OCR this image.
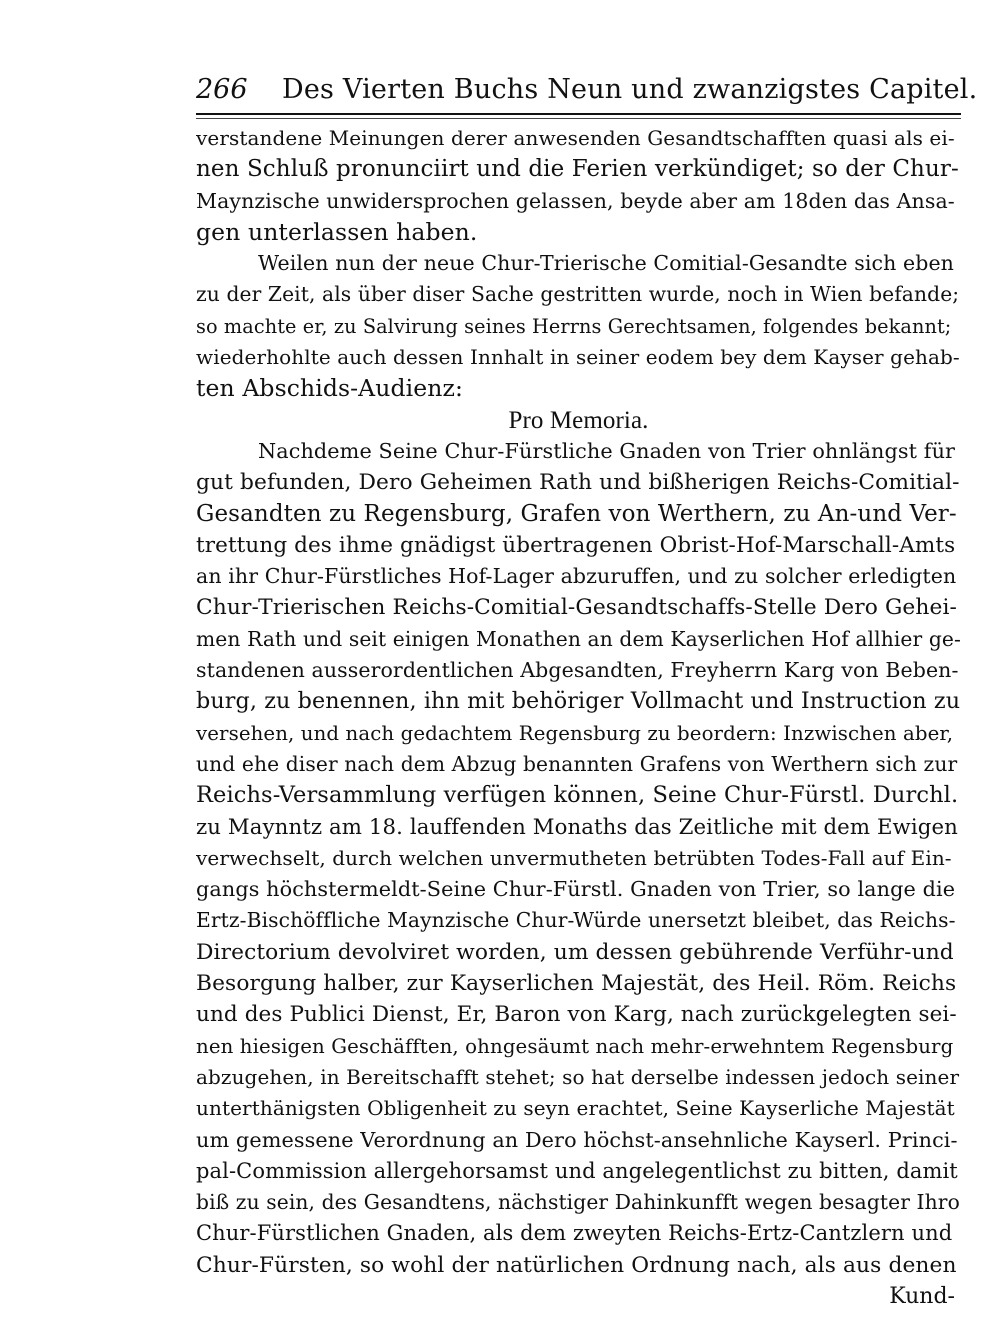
266 Des Vierten Buchs Neun und zwanzigstes Capitel.
verstandene Meinungen derer anwesenden Gesandtschafften quasi als ei-
nen Schluß pronunciirt und die Ferien verkündiget; so der Chur-
Maynzische unwidersprochen gelassen, beyde aber am 18den das Ansa-
gen unterlassen haben.
Weilen nun der neue Chur-Trierische Comitial-Gesandte sich eben
zu der Zeit, als über diser Sache gestritten wurde, noch in Wien befande;
so machte er, zu Salvirung seines Herrns Gerechtsamen, folgendes bekannt;
wiederhohlte auch dessen Innhalt in seiner eodem bey dem Kayser gehab-
ten Abschids-Audienz:
Pro Memoria.
Nachdeme Seine Chur-Fürstliche Gnaden von Trier ohnlängst für
gut befunden, Dero Geheimen Rath und bißherigen Reichs-Comitial-
Gesandten zu Regensburg, Grafen von Werthern, zu An-und Ver-
trettung des ihme gnädigst übertragenen Obrist-Hof-Marschall-Amts
an ihr Chur-Fürstliches Hof-Lager abzuruffen, und zu solcher erledigten
Chur-Trierischen Reichs-Comitial-Gesandtschaffs-Stelle Dero Gehei-
men Rath und seit einigen Monathen an dem Kayserlichen Hof allhier ge-
standenen ausserordentlichen Abgesandten, Freyherrn Karg von Beben-
burg, zu benennen, ihn mit behöriger Vollmacht und Instruction zu
versehen, und nach gedachtem Regensburg zu beordern: Inzwischen aber,
und ehe diser nach dem Abzug benannten Grafens von Werthern sich zur
Reichs-Versammlung verfügen können, Seine Chur-Fürstl. Durchl.
zu Maynntz am 18. lauffenden Monaths das Zeitliche mit dem Ewigen
verwechselt, durch welchen unvermutheten betrübten Todes-Fall auf Ein-
gangs höchstermeldt-Seine Chur-Fürstl. Gnaden von Trier, so lange die
Ertz-Bischöffliche Maynzische Chur-Würde unersetzt bleibet, das Reichs-
Directorium devolviret worden, um dessen gebührende Verführ-und
Besorgung halber, zur Kayserlichen Majestät, des Heil. Röm. Reichs
und des Publici Dienst, Er, Baron von Karg, nach zurückgelegten sei-
nen hiesigen Geschäfften, ohngesäumt nach mehr-erwehntem Regensburg
abzugehen, in Bereitschafft stehet; so hat derselbe indessen jedoch seiner
unterthänigsten Obligenheit zu seyn erachtet, Seine Kayserliche Majestät
um gemessene Verordnung an Dero höchst-ansehnliche Kayserl. Princi-
pal-Commission allergehorsamst und angelegentlichst zu bitten, damit
biß zu sein, des Gesandtens, nächstiger Dahinkunfft wegen besagter Ihro
Chur-Fürstlichen Gnaden, als dem zweyten Reichs-Ertz-Cantzlern und
Chur-Fürsten, so wohl der natürlichen Ordnung nach, als aus denen
Kund-
